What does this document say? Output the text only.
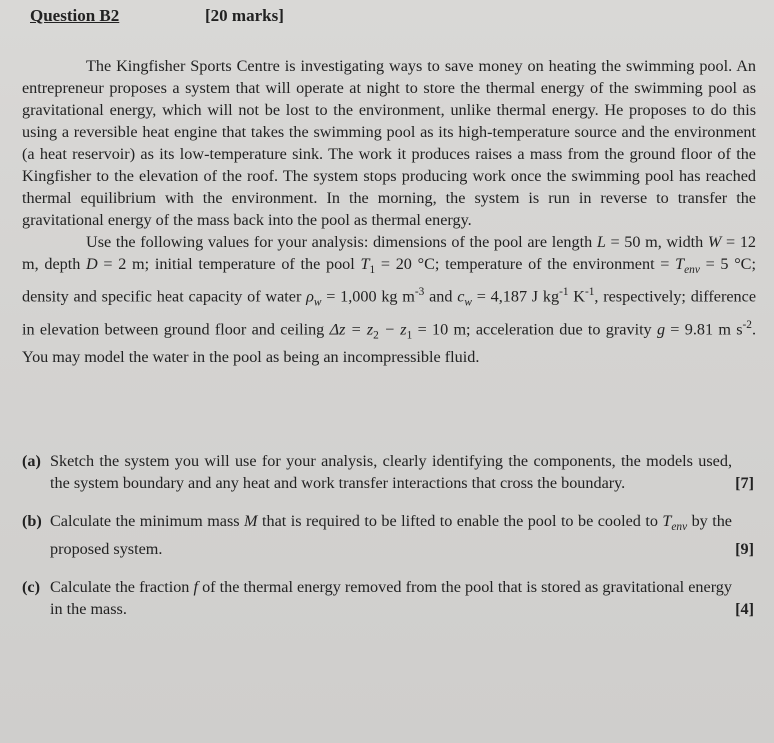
Question B2	[20 marks]

The Kingfisher Sports Centre is investigating ways to save money on heating the swimming pool. An entrepreneur proposes a system that will operate at night to store the thermal energy of the swimming pool as gravitational energy, which will not be lost to the environment, unlike thermal energy. He proposes to do this using a reversible heat engine that takes the swimming pool as its high-temperature source and the environment (a heat reservoir) as its low-temperature sink. The work it produces raises a mass from the ground floor of the Kingfisher to the elevation of the roof. The system stops producing work once the swimming pool has reached thermal equilibrium with the environment. In the morning, the system is run in reverse to transfer the gravitational energy of the mass back into the pool as thermal energy.

Use the following values for your analysis: dimensions of the pool are length L = 50 m, width W = 12 m, depth D = 2 m; initial temperature of the pool $T_1 = 20$ °C; temperature of the environment = $T_{env} = 5$ °C; density and specific heat capacity of water $\rho_w = 1,000$ kg $m^{-3}$ and $c_w = 4,187$ J $kg^{-1}$ $K^{-1}$, respectively; difference in elevation between ground floor and ceiling $\Delta z = z_2 - z_1 = 10$ m; acceleration due to gravity g = 9.81 m $s^{-2}$. You may model the water in the pool as being an incompressible fluid.

(a) Sketch the system you will use for your analysis, clearly identifying the components, the models used, the system boundary and any heat and work transfer interactions that cross the boundary.	[7]
(b) Calculate the minimum mass M that is required to be lifted to enable the pool to be cooled to $T_{env}$ by the proposed system.	[9]
(c) Calculate the fraction f of the thermal energy removed from the pool that is stored as gravitational energy in the mass.	[4]
